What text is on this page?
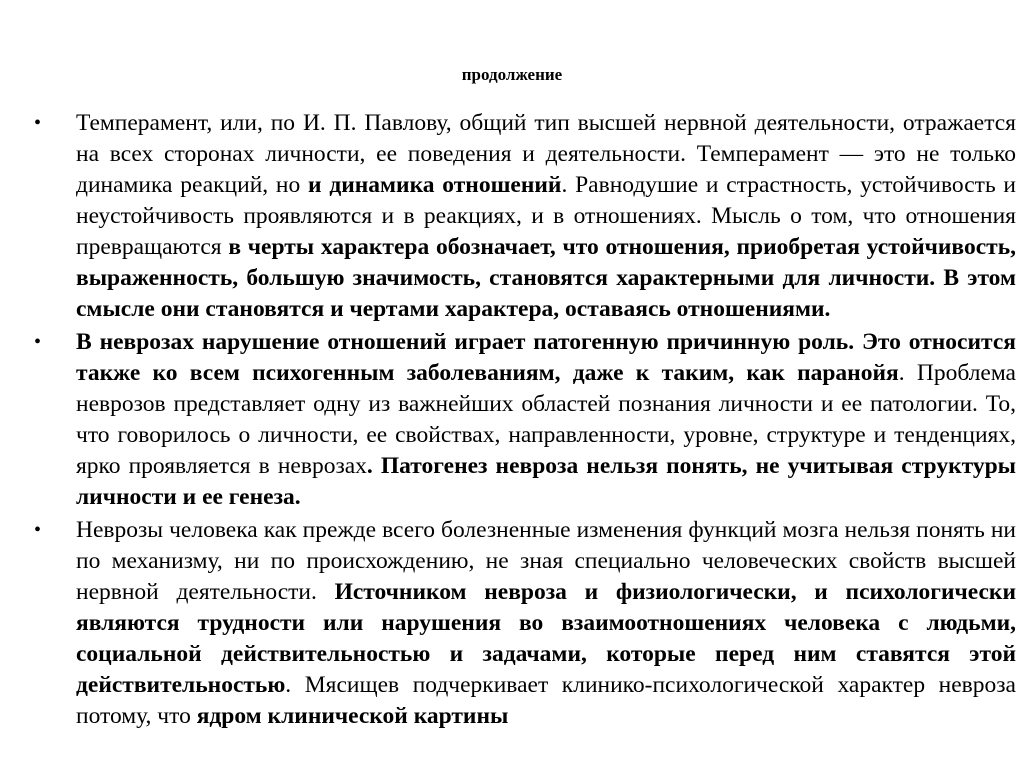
продолжение
• Темперамент, или, по И. П. Павлову, общий тип высшей нервной деятельности, отражается на всех сторонах личности, ее поведения и деятельности. Темперамент — это не только динамика реакций, но и динамика отношений. Равнодушие и страстность, устойчивость и неустойчивость проявляются и в реакциях, и в отношениях. Мысль о том, что отношения превращаются в черты характера обозначает, что отношения, приобретая устойчивость, выраженность, большую значимость, становятся характерными для личности. В этом смысле они становятся и чертами характера, оставаясь отношениями.

• В неврозах нарушение отношений играет патогенную причинную роль. Это относится также ко всем психогенным заболеваниям, даже к таким, как паранойя. Проблема неврозов представляет одну из важнейших областей познания личности и ее патологии. То, что говорилось о личности, ее свойствах, направленности, уровне, структуре и тенденциях, ярко проявляется в неврозах. Патогенез невроза нельзя понять, не учитывая структуры личности и ее генеза.

• Неврозы человека как прежде всего болезненные изменения функций мозга нельзя понять ни по механизму, ни по происхождению, не зная специально человеческих свойств высшей нервной деятельности. Источником невроза и физиологически, и психологически являются трудности или нарушения во взаимоотношениях человека с людьми, социальной действительностью и задачами, которые перед ним ставятся этой действительностью. Мясищев подчеркивает клинико-психологической характер невроза потому, что ядром клинической картины
